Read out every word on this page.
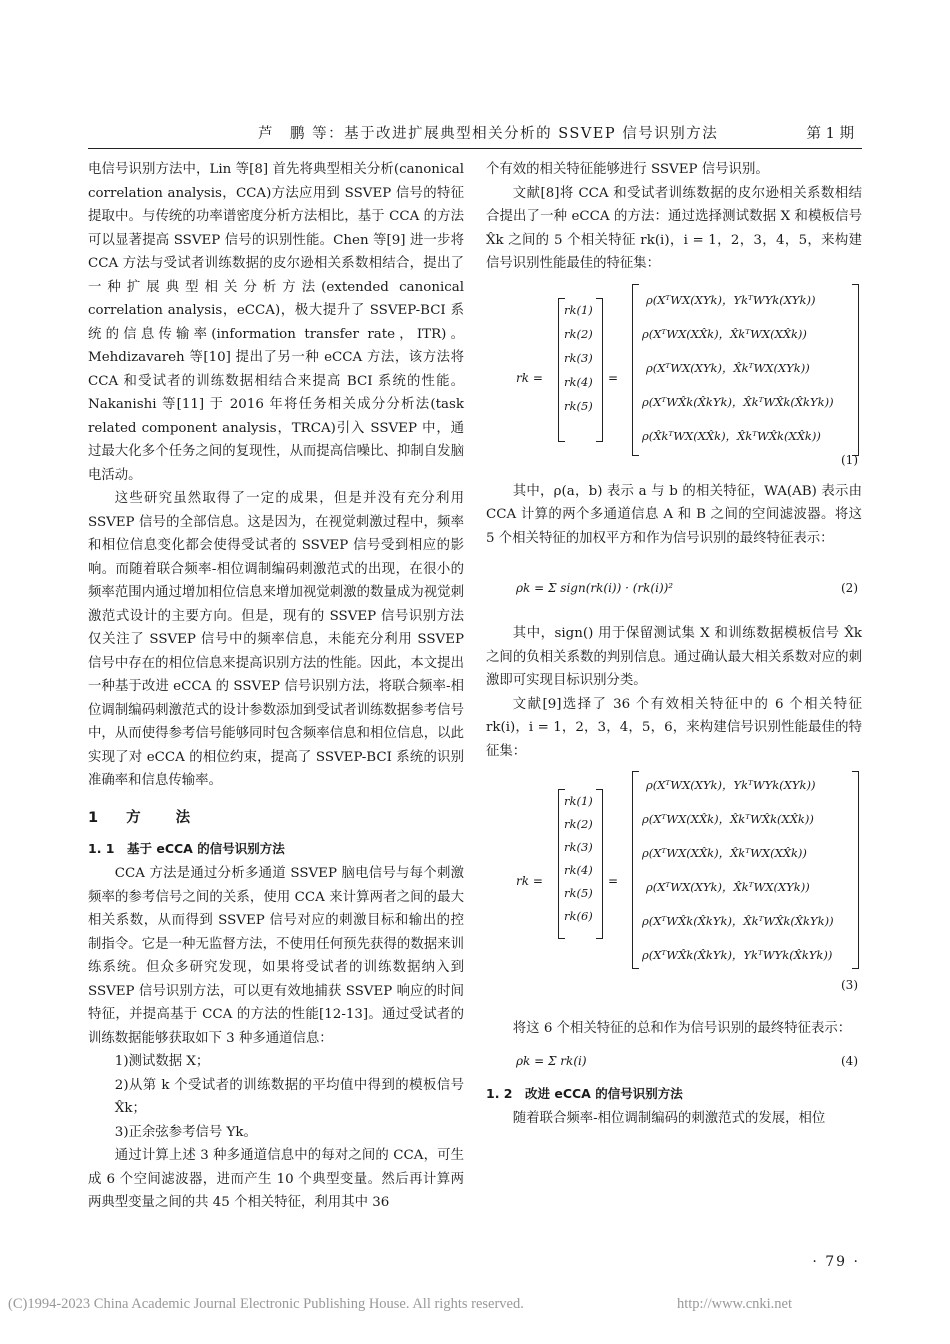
芦　鹏 等：基于改进扩展典型相关分析的 SSVEP 信号识别方法	第 1 期

电信号识别方法中，Lin 等[8] 首先将典型相关分析(canonical correlation analysis，CCA)方法应用到 SSVEP 信号的特征提取中。与传统的功率谱密度分析方法相比，基于 CCA 的方法可以显著提高 SSVEP 信号的识别性能。Chen 等[9] 进一步将 CCA 方法与受试者训练数据的皮尔逊相关系数相结合，提出了一种扩展典型相关分析方法(extended canonical correlation analysis，eCCA)，极大提升了 SSVEP-BCI 系统的信息传输率(information transfer rate，ITR)。Mehdizavareh 等[10] 提出了另一种 eCCA 方法，该方法将 CCA 和受试者的训练数据相结合来提高 BCI 系统的性能。Nakanishi 等[11] 于 2016 年将任务相关成分分析法(task related component analysis，TRCA)引入 SSVEP 中，通过最大化多个任务之间的复现性，从而提高信噪比、抑制自发脑电活动。

这些研究虽然取得了一定的成果，但是并没有充分利用 SSVEP 信号的全部信息。这是因为，在视觉刺激过程中，频率和相位信息变化都会使得受试者的 SSVEP 信号受到相应的影响。而随着联合频率-相位调制编码刺激范式的出现，在很小的频率范围内通过增加相位信息来增加视觉刺激的数量成为视觉刺激范式设计的主要方向。但是，现有的 SSVEP 信号识别方法仅关注了 SSVEP 信号中的频率信息，未能充分利用 SSVEP 信号中存在的相位信息来提高识别方法的性能。因此，本文提出一种基于改进 eCCA 的 SSVEP 信号识别方法，将联合频率-相位调制编码刺激范式的设计参数添加到受试者训练数据参考信号中，从而使得参考信号能够同时包含频率信息和相位信息，以此实现了对 eCCA 的相位约束，提高了 SSVEP-BCI 系统的识别准确率和信息传输率。

1 方　　法
1. 1　基于 eCCA 的信号识别方法

CCA 方法是通过分析多通道 SSVEP 脑电信号与每个刺激频率的参考信号之间的关系，使用 CCA 来计算两者之间的最大相关系数，从而得到 SSVEP 信号对应的刺激目标和输出的控制指令。它是一种无监督方法，不使用任何预先获得的数据来训练系统。但众多研究发现，如果将受试者的训练数据纳入到 SSVEP 信号识别方法，可以更有效地捕获 SSVEP 响应的时间特征，并提高基于 CCA 的方法的性能[12-13]。通过受试者的训练数据能够获取如下 3 种多通道信息：

1)测试数据 X；

2)从第 k 个受试者的训练数据的平均值中得到的模板信号 X̂k；

3)正余弦参考信号 Yk。

通过计算上述 3 种多通道信息中的每对之间的 CCA，可生成 6 个空间滤波器，进而产生 10 个典型变量。然后再计算两两典型变量之间的共 45 个相关特征，利用其中 36

个有效的相关特征能够进行 SSVEP 信号识别。

文献[8]将 CCA 和受试者训练数据的皮尔逊相关系数相结合提出了一种 eCCA 的方法：通过选择测试数据 X 和模板信号 X̂k 之间的 5 个相关特征 rk(i)，i = 1，2，3，4，5，来构建信号识别性能最佳的特征集：

rk =
rk(1)
rk(2)
rk(3)
rk(4)
rk(5)
=
ρ(XᵀWX(XYk)，YkᵀWYk(XYk))
ρ(XᵀWX(XX̂k)，X̂kᵀWX(XX̂k))
ρ(XᵀWX(XYk)，X̂kᵀWX(XYk))
ρ(XᵀWX̂k(X̂kYk)，X̂kᵀWX̂k(X̂kYk))
ρ(X̂kᵀWX(XX̂k)，X̂kᵀWX̂k(XX̂k))
(1)

其中，ρ(a，b) 表示 a 与 b 的相关特征，WA(AB) 表示由 CCA 计算的两个多通道信息 A 和 B 之间的空间滤波器。将这 5 个相关特征的加权平方和作为信号识别的最终特征表示：

ρk = Σ sign(rk(i)) · (rk(i))²	(2)

其中，sign() 用于保留测试集 X 和训练数据模板信号 X̂k 之间的负相关系数的判别信息。通过确认最大相关系数对应的刺激即可实现目标识别分类。

文献[9]选择了 36 个有效相关特征中的 6 个相关特征 rk(i)，i = 1，2，3，4，5，6，来构建信号识别性能最佳的特征集：

rk =
rk(1)
rk(2)
rk(3)
rk(4)
rk(5)
rk(6)
=
ρ(XᵀWX(XYk)，YkᵀWYk(XYk))
ρ(XᵀWX(XX̂k)，X̂kᵀWX̂k(XX̂k))
ρ(XᵀWX(XX̂k)，X̂kᵀWX(XX̂k))
ρ(XᵀWX(XYk)，X̂kᵀWX(XYk))
ρ(XᵀWX̂k(X̂kYk)，X̂kᵀWX̂k(X̂kYk))
ρ(XᵀWX̂k(X̂kYk)，YkᵀWYk(X̂kYk))
(3)

将这 6 个相关特征的总和作为信号识别的最终特征表示：

ρk = Σ rk(i)	(4)
1. 2　改进 eCCA 的信号识别方法

随着联合频率-相位调制编码的刺激范式的发展，相位

· 79 ·
(C)1994-2023 China Academic Journal Electronic Publishing House. All rights reserved.	http://www.cnki.net
